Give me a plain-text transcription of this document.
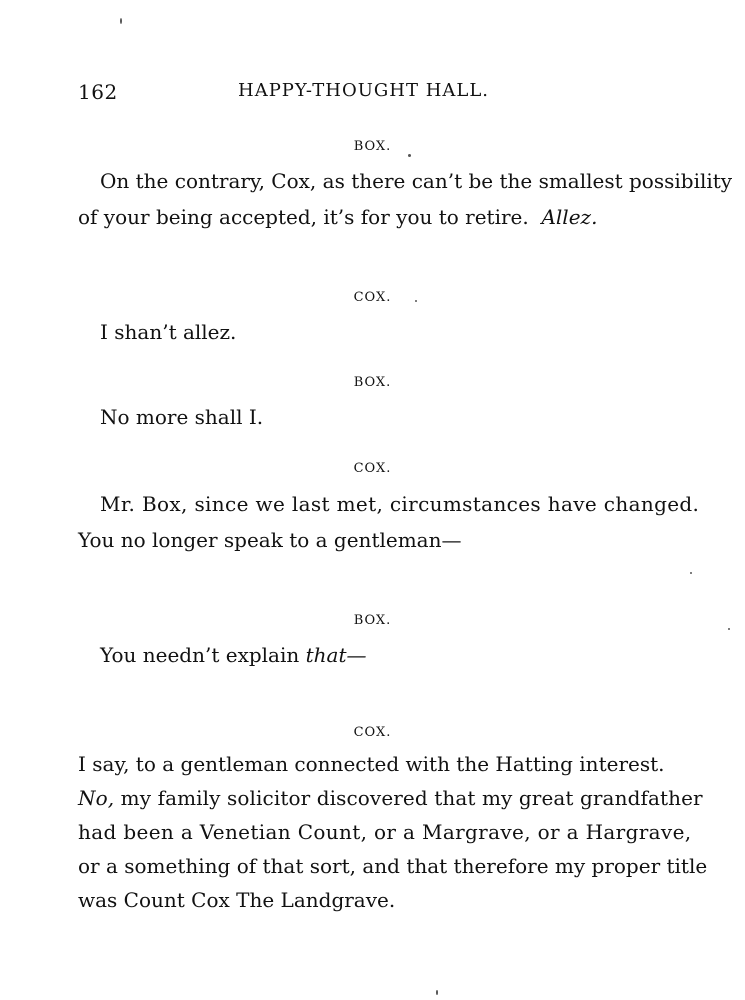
162	HAPPY-THOUGHT HALL.
BOX.
On the contrary, Cox, as there can’t be the smallest possibility
of your being accepted, it’s for you to retire. Allez.
COX.
I shan’t allez.
BOX.
No more shall I.
COX.
Mr. Box, since we last met, circumstances have changed.
You no longer speak to a gentleman—
BOX.
You needn’t explain that—
COX.
I say, to a gentleman connected with the Hatting interest.
No, my family solicitor discovered that my great grandfather
had been a Venetian Count, or a Margrave, or a Hargrave,
or a something of that sort, and that therefore my proper title
was Count Cox The Landgrave.
